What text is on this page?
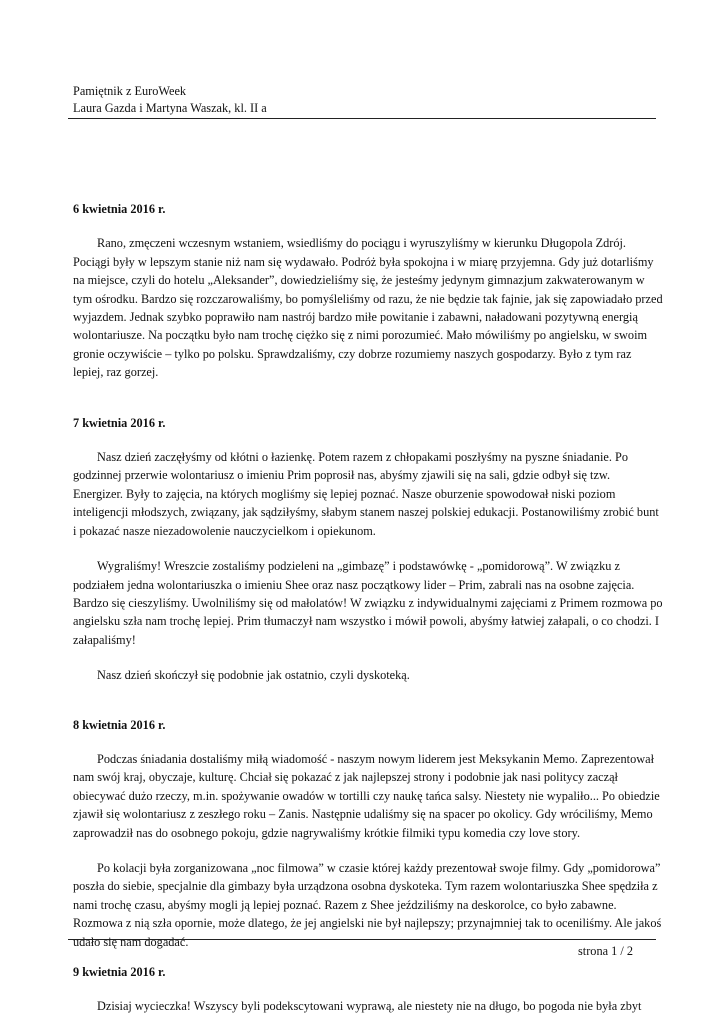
Pamiętnik z EuroWeek
Laura Gazda i Martyna Waszak, kl. II a

6 kwietnia 2016 r.

Rano, zmęczeni wczesnym wstaniem, wsiedliśmy do pociągu i wyruszyliśmy w kierunku Długopola Zdrój. Pociągi były w lepszym stanie niż nam się wydawało. Podróż była spokojna i w miarę przyjemna. Gdy już dotarliśmy na miejsce, czyli do hotelu „Aleksander”, dowiedzieliśmy się, że jesteśmy jedynym gimnazjum zakwaterowanym w tym ośrodku. Bardzo się rozczarowaliśmy, bo pomyśleliśmy od razu, że nie będzie tak fajnie, jak się zapowiadało przed wyjazdem. Jednak szybko poprawiło nam nastrój bardzo miłe powitanie i zabawni, naładowani pozytywną energią wolontariusze. Na początku było nam trochę ciężko się z nimi porozumieć. Mało mówiliśmy po angielsku, w swoim gronie oczywiście – tylko po polsku. Sprawdzaliśmy, czy dobrze rozumiemy naszych gospodarzy. Było z tym raz lepiej, raz gorzej.

7 kwietnia 2016 r.

Nasz dzień zaczęłyśmy od kłótni o łazienkę. Potem razem z chłopakami poszłyśmy na pyszne śniadanie. Po godzinnej przerwie wolontariusz o imieniu Prim poprosił nas, abyśmy zjawili się na sali, gdzie odbył się tzw. Energizer. Były to zajęcia, na których mogliśmy się lepiej poznać. Nasze oburzenie spowodował niski poziom inteligencji młodszych, związany, jak sądziłyśmy, słabym stanem naszej polskiej edukacji. Postanowiliśmy zrobić bunt i pokazać nasze niezadowolenie nauczycielkom i opiekunom.

Wygraliśmy! Wreszcie zostaliśmy podzieleni na „gimbazę” i podstawówkę - „pomidorową”. W związku z podziałem jedna wolontariuszka o imieniu Shee oraz nasz początkowy lider – Prim, zabrali nas na osobne zajęcia. Bardzo się cieszyliśmy. Uwolniliśmy się od małolatów! W związku z indywidualnymi zajęciami z Primem rozmowa po angielsku szła nam trochę lepiej. Prim tłumaczył nam wszystko i mówił powoli, abyśmy łatwiej załapali, o co chodzi. I załapaliśmy!

Nasz dzień skończył się podobnie jak ostatnio, czyli dyskoteką.

8 kwietnia 2016 r.

Podczas śniadania dostaliśmy miłą wiadomość - naszym nowym liderem jest Meksykanin Memo. Zaprezentował nam swój kraj, obyczaje, kulturę. Chciał się pokazać z jak najlepszej strony i podobnie jak nasi politycy zaczął obiecywać dużo rzeczy, m.in. spożywanie owadów w tortilli czy naukę tańca salsy. Niestety nie wypaliło... Po obiedzie zjawił się wolontariusz z zeszłego roku – Zanis. Następnie udaliśmy się na spacer po okolicy. Gdy wróciliśmy, Memo zaprowadził nas do osobnego pokoju, gdzie nagrywaliśmy krótkie filmiki typu komedia czy love story.

Po kolacji była zorganizowana „noc filmowa” w czasie której każdy prezentował swoje filmy. Gdy „pomidorowa” poszła do siebie, specjalnie dla gimbazy była urządzona osobna dyskoteka. Tym razem wolontariuszka Shee spędziła z nami trochę czasu, abyśmy mogli ją lepiej poznać. Razem z Shee jeździliśmy na deskorolce, co było zabawne. Rozmowa z nią szła opornie, może dlatego, że jej angielski nie był najlepszy; przynajmniej tak to oceniliśmy. Ale jakoś udało się nam dogadać.

9 kwietnia 2016 r.

Dzisiaj wycieczka! Wszyscy byli podekscytowani wyprawą, ale niestety nie na długo, bo pogoda nie była zbyt

strona 1 / 2
